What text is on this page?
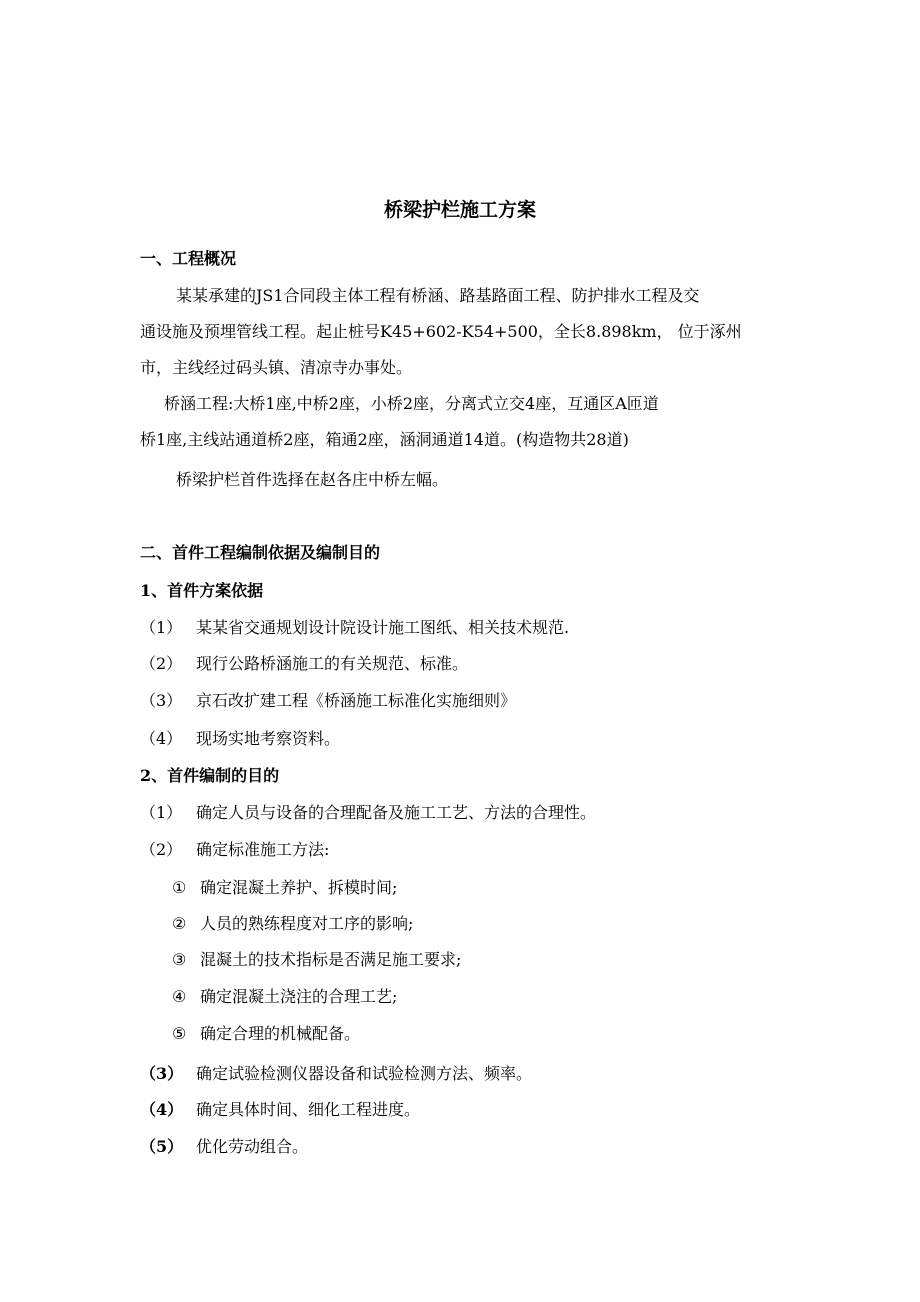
桥梁护栏施工方案
一、工程概况
某某承建的JS1合同段主体工程有桥涵、路基路面工程、防护排水工程及交
通设施及预埋管线工程。起止桩号K45+602-K54+500，全长8.898km， 位于涿州
市，主线经过码头镇、清凉寺办事处。
桥涵工程:大桥1座,中桥2座，小桥2座，分离式立交4座，互通区A匝道
桥1座,主线站通道桥2座，箱通2座，涵洞通道14道。(构造物共28道)
桥梁护栏首件选择在赵各庄中桥左幅。
二、首件工程编制依据及编制目的
1、首件方案依据
（1） 某某省交通规划设计院设计施工图纸、相关技术规范.
（2） 现行公路桥涵施工的有关规范、标准。
（3） 京石改扩建工程《桥涵施工标准化实施细则》
（4） 现场实地考察资料。
2、首件编制的目的
（1） 确定人员与设备的合理配备及施工工艺、方法的合理性。
（2） 确定标准施工方法:
① 确定混凝土养护、拆模时间;
② 人员的熟练程度对工序的影响;
③ 混凝土的技术指标是否满足施工要求;
④ 确定混凝土浇注的合理工艺;
⑤ 确定合理的机械配备。
（3） 确定试验检测仪器设备和试验检测方法、频率。
（4） 确定具体时间、细化工程进度。
（5） 优化劳动组合。
